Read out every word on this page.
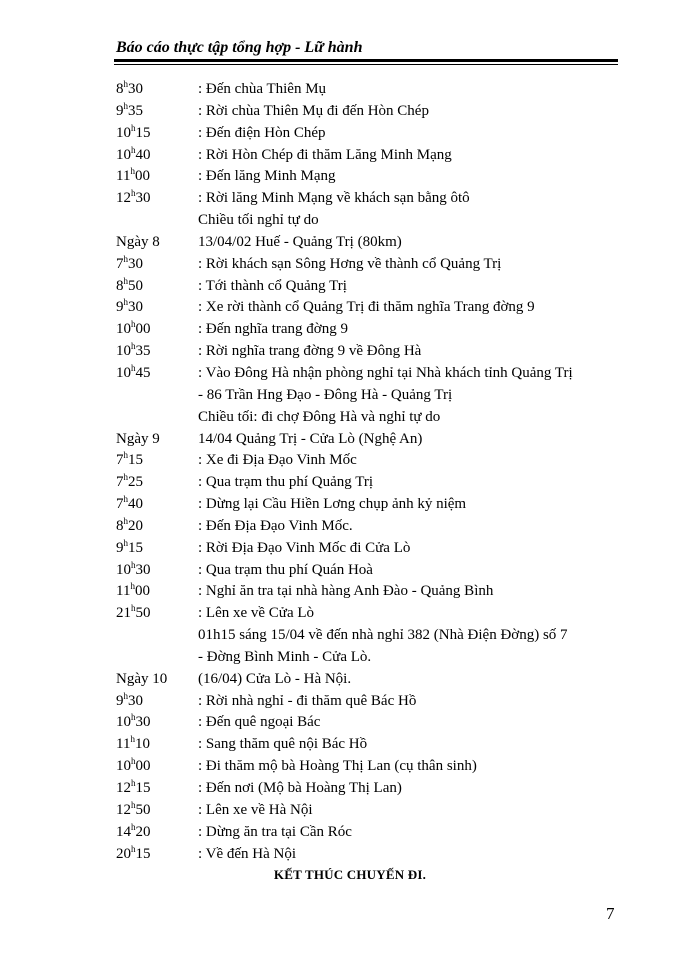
Báo cáo thực tập tổng hợp - Lữ hành
8$^h$30	: Đến chùa Thiên Mụ
9$^h$35	: Rời chùa Thiên Mụ đi đến Hòn Chép
10$^h$15	: Đến điện Hòn Chép
10$^h$40	: Rời Hòn Chép đi thăm Lăng Minh Mạng
11$^h$00	: Đến lăng Minh Mạng
12$^h$30	: Rời lăng Minh Mạng về khách sạn bằng ôtô
Chiều tối nghỉ tự do
Ngày 8	13/04/02 Huế - Quảng Trị (80km)
7$^h$30	: Rời khách sạn Sông Hơng về thành cổ Quảng Trị
8$^h$50	: Tới thành cổ Quảng Trị
9$^h$30	: Xe rời thành cổ Quảng Trị đi thăm nghĩa Trang đờng 9
10$^h$00	: Đến nghĩa trang đờng 9
10$^h$35	: Rời nghĩa trang đờng 9 về Đông Hà
10$^h$45	: Vào Đông Hà nhận phòng nghỉ tại Nhà khách tỉnh Quảng Trị
- 86 Trần Hng Đạo - Đông Hà - Quảng Trị
Chiều tối: đi chợ Đông Hà và nghỉ tự do
Ngày 9	14/04 Quảng Trị - Cửa Lò (Nghệ An)
7$^h$15	: Xe đi Địa Đạo Vinh Mốc
7$^h$25	: Qua trạm thu phí Quảng Trị
7$^h$40	: Dừng lại Cầu Hiền Lơng chụp ảnh kỷ niệm
8$^h$20	: Đến Địa Đạo Vinh Mốc.
9$^h$15	: Rời Địa Đạo Vinh Mốc đi Cửa Lò
10$^h$30	: Qua trạm thu phí Quán Hoà
11$^h$00	: Nghỉ ăn tra tại nhà hàng Anh Đào - Quảng Bình
21$^h$50	: Lên xe về Cửa Lò
01h15 sáng 15/04 về đến nhà nghỉ 382 (Nhà Điện Đờng) số 7
- Đờng Bình Minh - Cửa Lò.
Ngày 10 (16/04) Cửa Lò - Hà Nội.
9$^h$30	: Rời nhà nghỉ - đi thăm quê Bác Hồ
10$^h$30	: Đến quê ngoại Bác
11$^h$10	: Sang thăm quê nội Bác Hồ
10$^h$00	: Đi thăm mộ bà Hoàng Thị Lan (cụ thân sinh)
12$^h$15	: Đến nơi (Mộ bà Hoàng Thị Lan)
12$^h$50	: Lên xe về Hà Nội
14$^h$20	: Dừng ăn tra tại Cần Róc
20$^h$15	: Về đến Hà Nội
KẾT THÚC CHUYẾN ĐI.
7
